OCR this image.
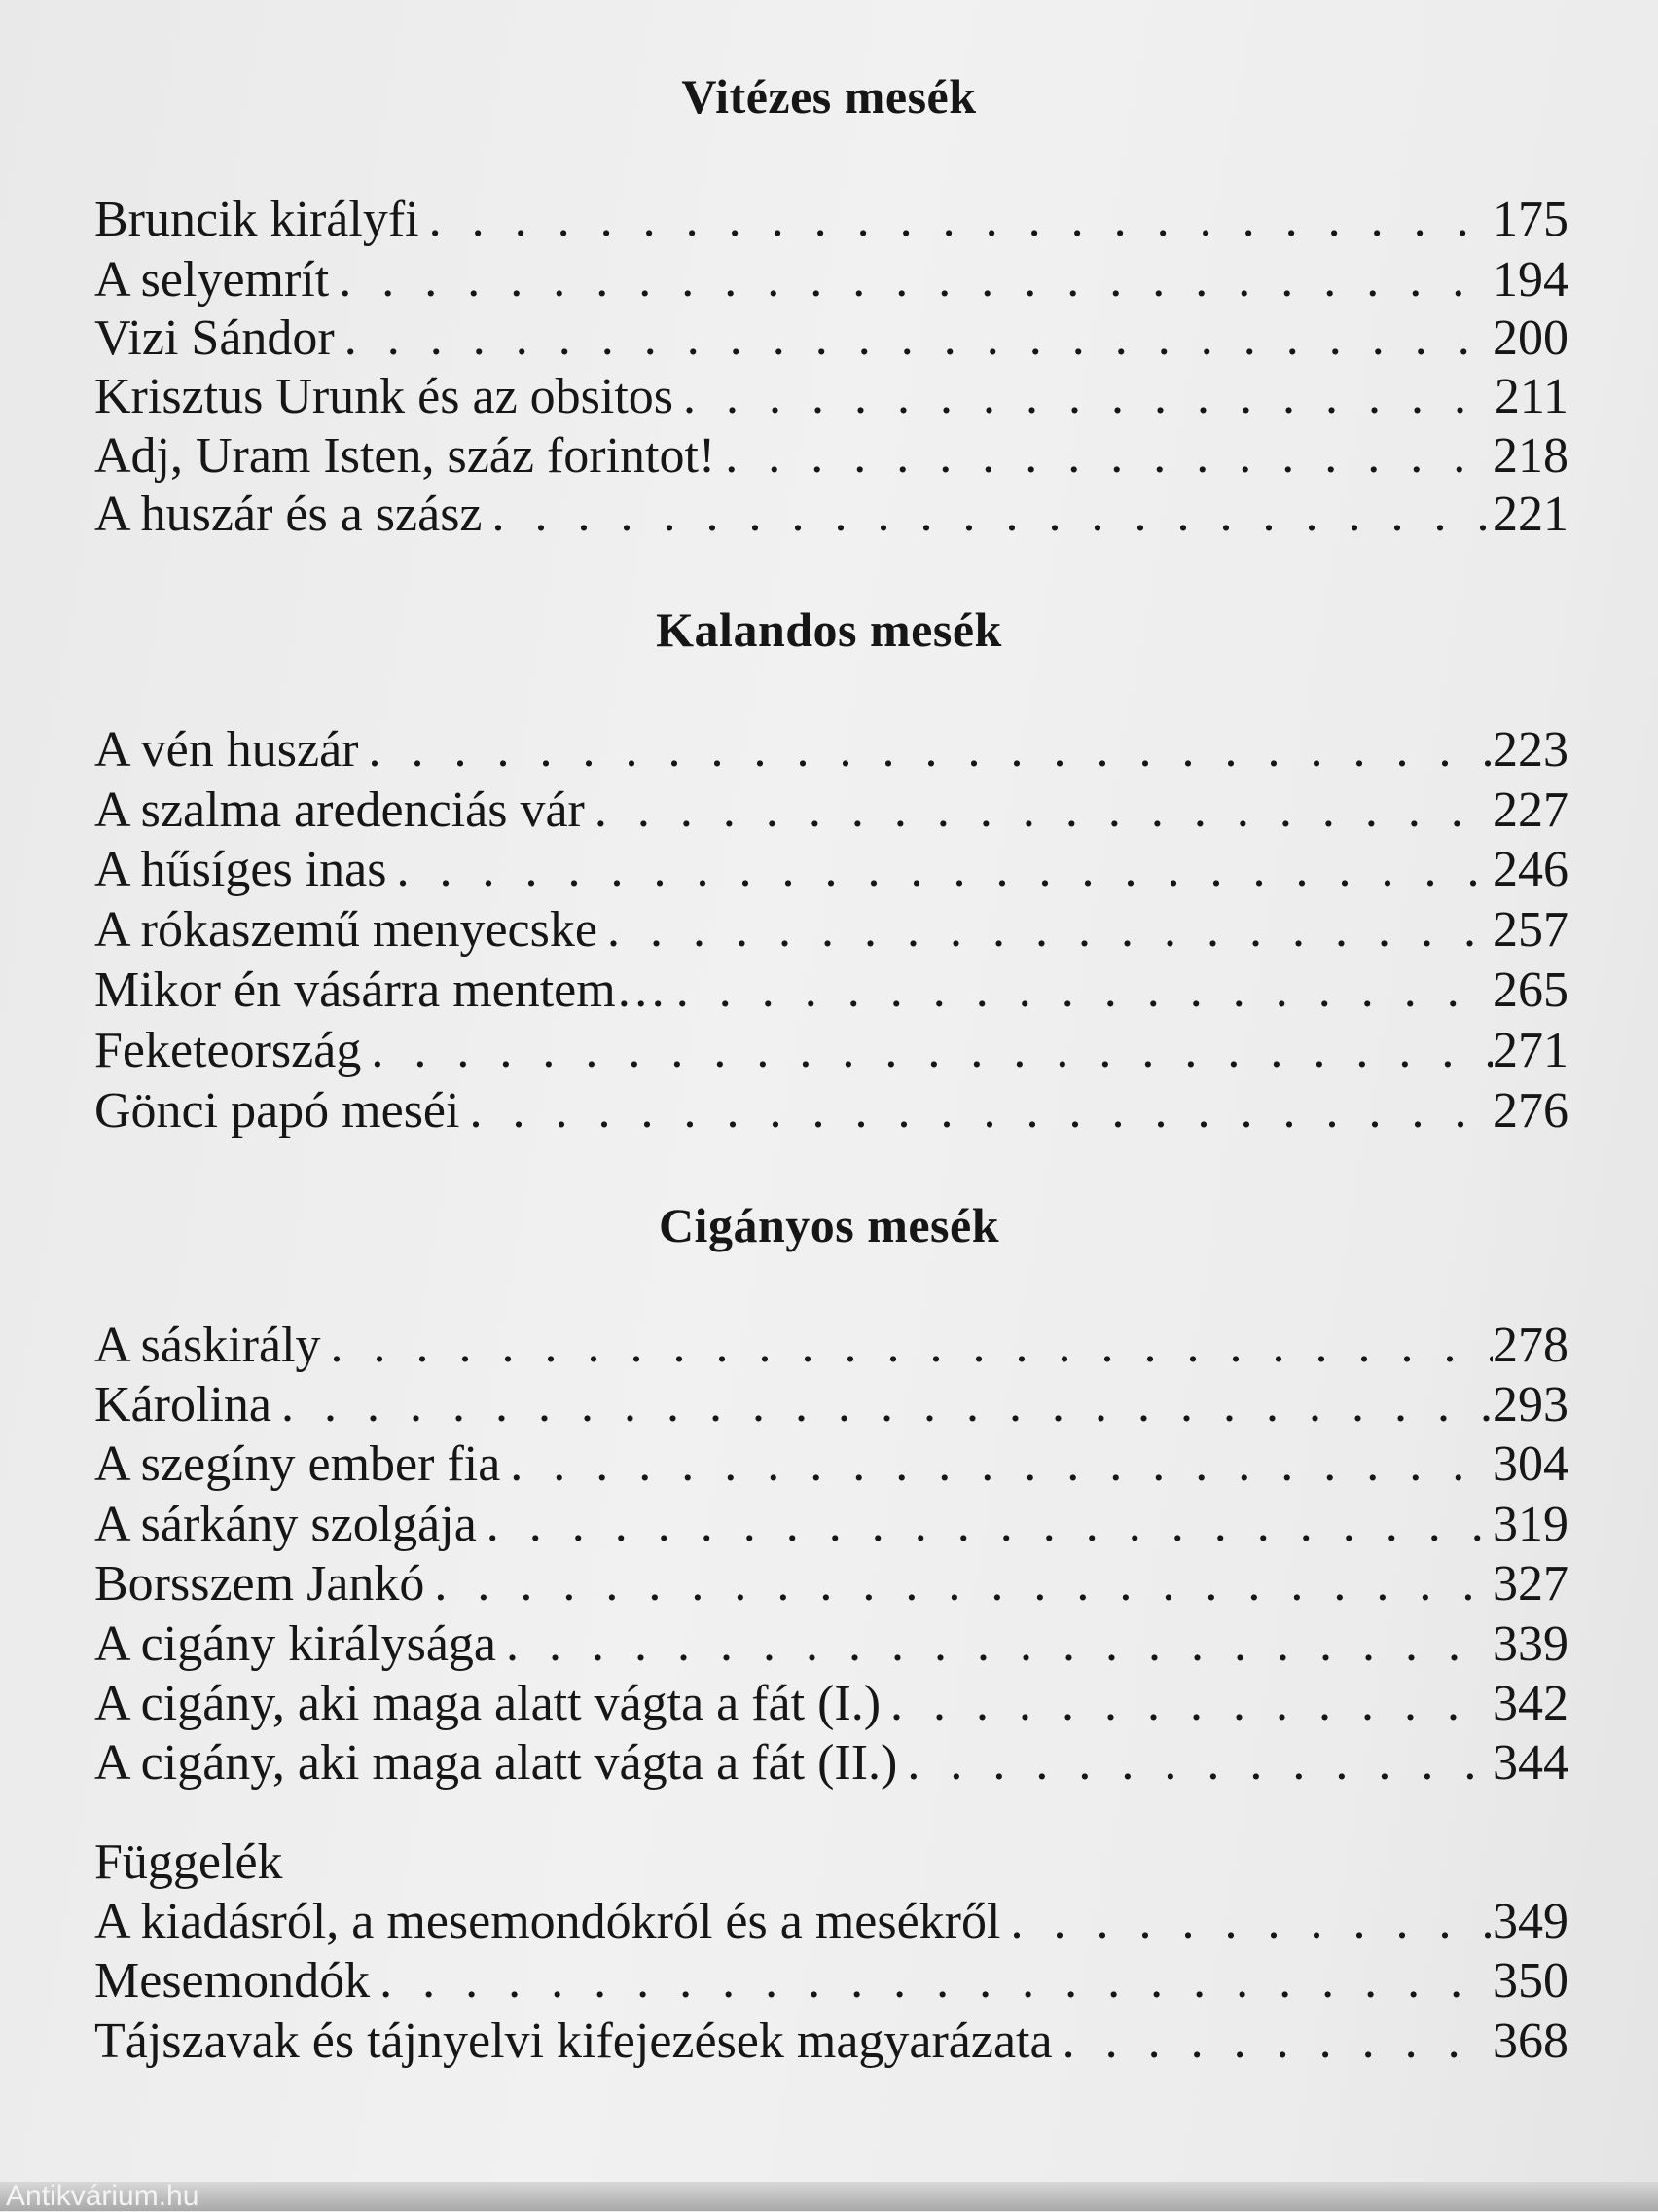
Vitézes mesék
Bruncik királyfi . . .	175
A selyemrít . . .	194
Vizi Sándor . . .	200
Krisztus Urunk és az obsitos . . .	211
Adj, Uram Isten, száz forintot! . . .	218
A huszár és a szász . . .	221
Kalandos mesék
A vén huszár . . .	223
A szalma aredenciás vár . . .	227
A hűsíges inas . . .	246
A rókaszemű menyecske . . .	257
Mikor én vásárra mentem… . . .	265
Feketeország . . .	271
Gönci papó meséi . . .	276
Cigányos mesék
A sáskirály . . .	278
Károlina . . .	293
A szegíny ember fia . . .	304
A sárkány szolgája . . .	319
Borsszem Jankó . . .	327
A cigány királysága . . .	339
A cigány, aki maga alatt vágta a fát (I.) . . .	342
A cigány, aki maga alatt vágta a fát (II.) . . .	344
Függelék
A kiadásról, a mesemondókról és a mesékről . . .	349
Mesemondók . . .	350
Tájszavak és tájnyelvi kifejezések magyarázata . . .	368
Antikvárium.hu
